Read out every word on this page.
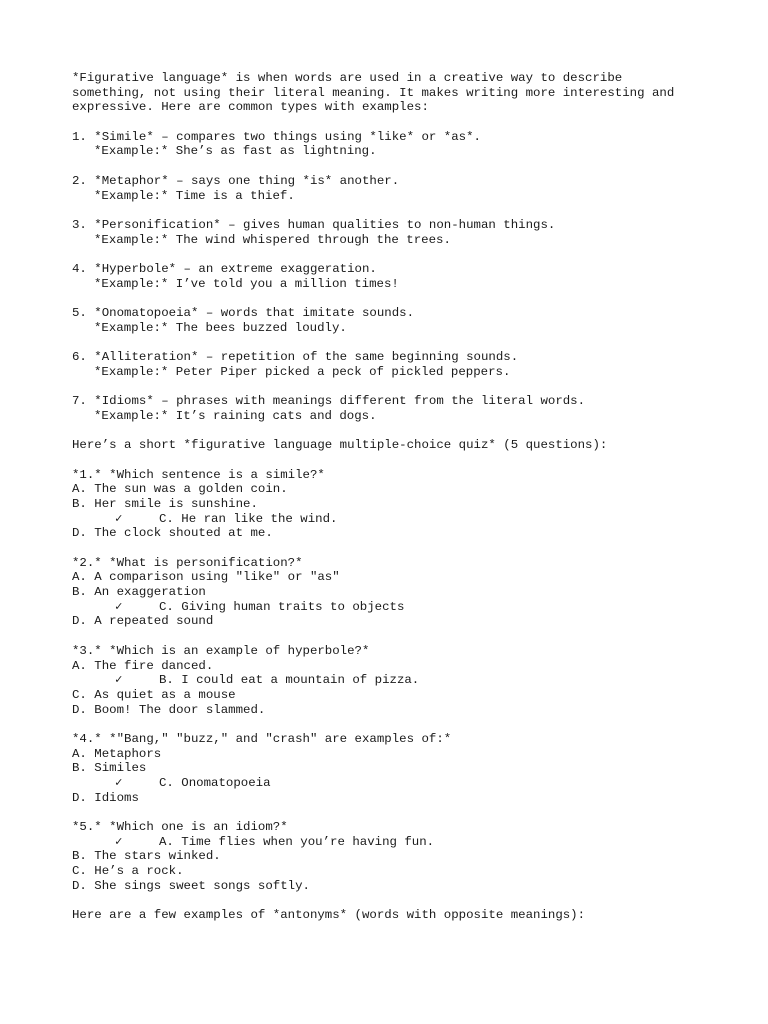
*Figurative language* is when words are used in a creative way to describe
something, not using their literal meaning. It makes writing more interesting and
expressive. Here are common types with examples:
1. *Simile* – compares two things using *like* or *as*.
*Example:* She’s as fast as lightning.
2. *Metaphor* – says one thing *is* another.
*Example:* Time is a thief.
3. *Personification* – gives human qualities to non-human things.
*Example:* The wind whispered through the trees.
4. *Hyperbole* – an extreme exaggeration.
*Example:* I’ve told you a million times!
5. *Onomatopoeia* – words that imitate sounds.
*Example:* The bees buzzed loudly.
6. *Alliteration* – repetition of the same beginning sounds.
*Example:* Peter Piper picked a peck of pickled peppers.
7. *Idioms* – phrases with meanings different from the literal words.
*Example:* It’s raining cats and dogs.
Here’s a short *figurative language multiple-choice quiz* (5 questions):
*1.* *Which sentence is a simile?*
A. The sun was a golden coin.
B. Her smile is sunshine.
✓	C. He ran like the wind.
D. The clock shouted at me.
*2.* *What is personification?*
A. A comparison using "like" or "as"
B. An exaggeration
✓	C. Giving human traits to objects
D. A repeated sound
*3.* *Which is an example of hyperbole?*
A. The fire danced.
✓	B. I could eat a mountain of pizza.
C. As quiet as a mouse
D. Boom! The door slammed.
*4.* *"Bang," "buzz," and "crash" are examples of:*
A. Metaphors
B. Similes
✓	C. Onomatopoeia
D. Idioms
*5.* *Which one is an idiom?*
✓	A. Time flies when you’re having fun.
B. The stars winked.
C. He’s a rock.
D. She sings sweet songs softly.
Here are a few examples of *antonyms* (words with opposite meanings):
